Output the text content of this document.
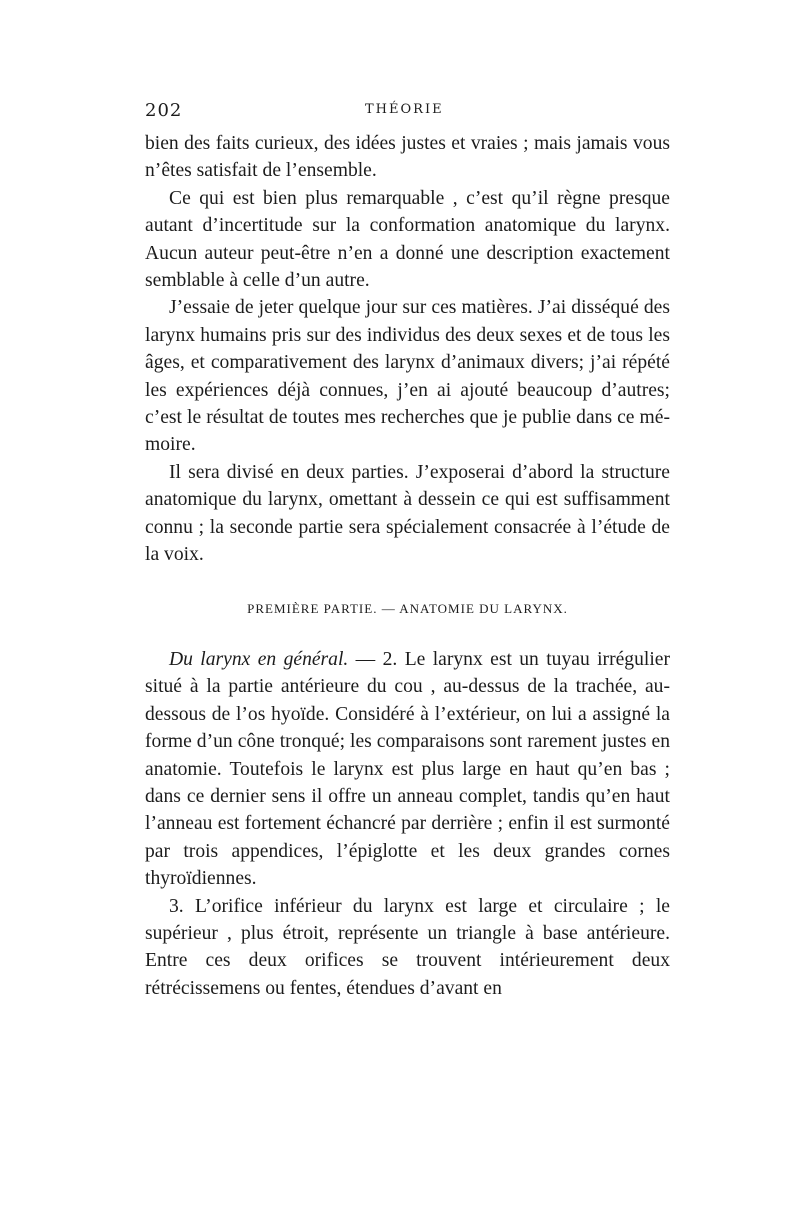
202	THÉORIE

bien des faits curieux, des idées justes et vraies ; mais jamais vous n’êtes satisfait de l’ensemble.

Ce qui est bien plus remarquable , c’est qu’il règne presque autant d’incertitude sur la conformation anatomique du larynx. Aucun auteur peut-être n’en a donné une description exactement semblable à celle d’un autre.

J’essaie de jeter quelque jour sur ces matières. J’ai disséqué des larynx humains pris sur des individus des deux sexes et de tous les âges, et comparativement des larynx d’animaux divers; j’ai répété les expériences déjà connues, j’en ai ajouté beaucoup d’autres; c’est le résultat de toutes mes recherches que je publie dans ce mémoire.

Il sera divisé en deux parties. J’exposerai d’abord la structure anatomique du larynx, omettant à dessein ce qui est suffisamment connu ; la seconde partie sera spécialement consacrée à l’étude de la voix.

PREMIÈRE PARTIE. — ANATOMIE DU LARYNX.

Du larynx en général. — 2. Le larynx est un tuyau irrégulier situé à la partie antérieure du cou , au-dessus de la trachée, au-dessous de l’os hyoïde. Considéré à l’extérieur, on lui a assigné la forme d’un cône tronqué; les comparaisons sont rarement justes en anatomie. Toutefois le larynx est plus large en haut qu’en bas ; dans ce dernier sens il offre un anneau complet, tandis qu’en haut l’anneau est fortement échancré par derrière ; enfin il est surmonté par trois appendices, l’épiglotte et les deux grandes cornes thyroïdiennes.

3. L’orifice inférieur du larynx est large et circulaire ; le supérieur , plus étroit, représente un triangle à base antérieure. Entre ces deux orifices se trouvent intérieurement deux rétrécissemens ou fentes, étendues d’avant en
